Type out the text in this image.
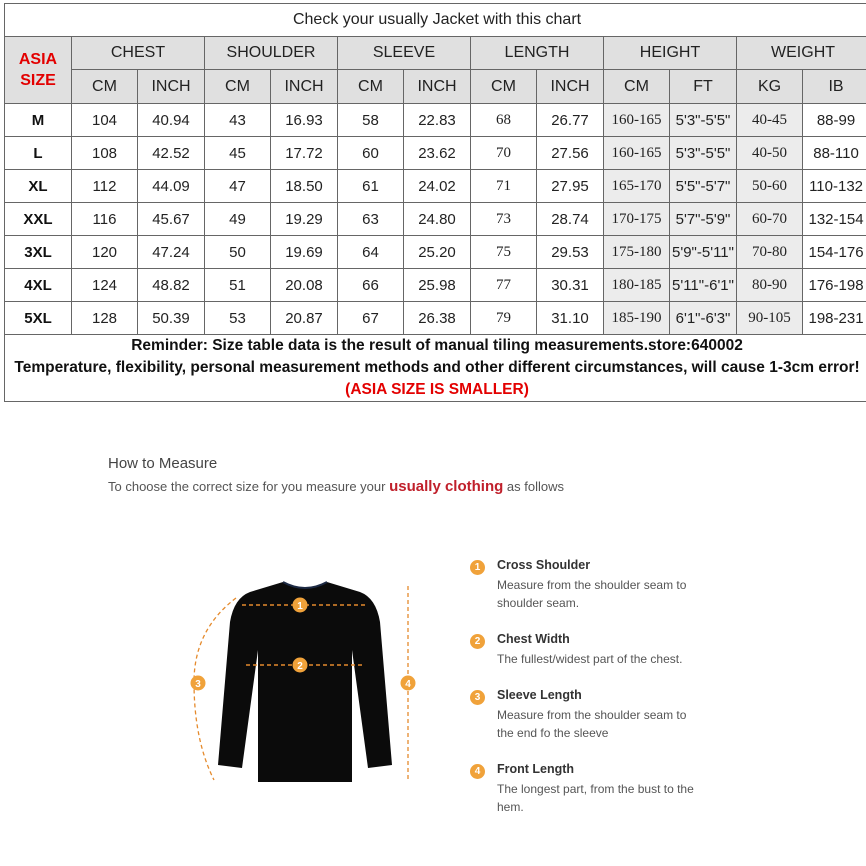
Check your usually Jacket with this chart												
ASIA SIZE	CHEST		SHOULDER		SLEEVE		LENGTH		HEIGHT		WEIGHT	
	CM	INCH	CM	INCH	CM	INCH	CM	INCH	CM	FT	KG	IB
M	104	40.94	43	16.93	58	22.83	68	26.77	160-165	5'3"-5'5"	40-45	88-99
L	108	42.52	45	17.72	60	23.62	70	27.56	160-165	5'3"-5'5"	40-50	88-110
XL	112	44.09	47	18.50	61	24.02	71	27.95	165-170	5'5"-5'7"	50-60	110-132
XXL	116	45.67	49	19.29	63	24.80	73	28.74	170-175	5'7"-5'9"	60-70	132-154
3XL	120	47.24	50	19.69	64	25.20	75	29.53	175-180	5'9"-5'11"	70-80	154-176
4XL	124	48.82	51	20.08	66	25.98	77	30.31	180-185	5'11"-6'1"	80-90	176-198
5XL	128	50.39	53	20.87	67	26.38	79	31.10	185-190	6'1"-6'3"	90-105	198-231

Reminder: Size table data is the result of manual tiling measurements.store:640002
Temperature, flexibility, personal measurement methods and other different circumstances, will cause 1-3cm error!(ASIA SIZE IS SMALLER)												
How to Measure
To choose the correct size for you measure your usually clothing as follows
1
2
3	4
1	Cross Shoulder
Measure from the shoulder seam to shoulder seam.
2	Chest Width
The fullest/widest part of the chest.
3	Sleeve Length
Measure from the shoulder seam to the end fo the sleeve
4	Front Length
The longest part, from the bust to the hem.
